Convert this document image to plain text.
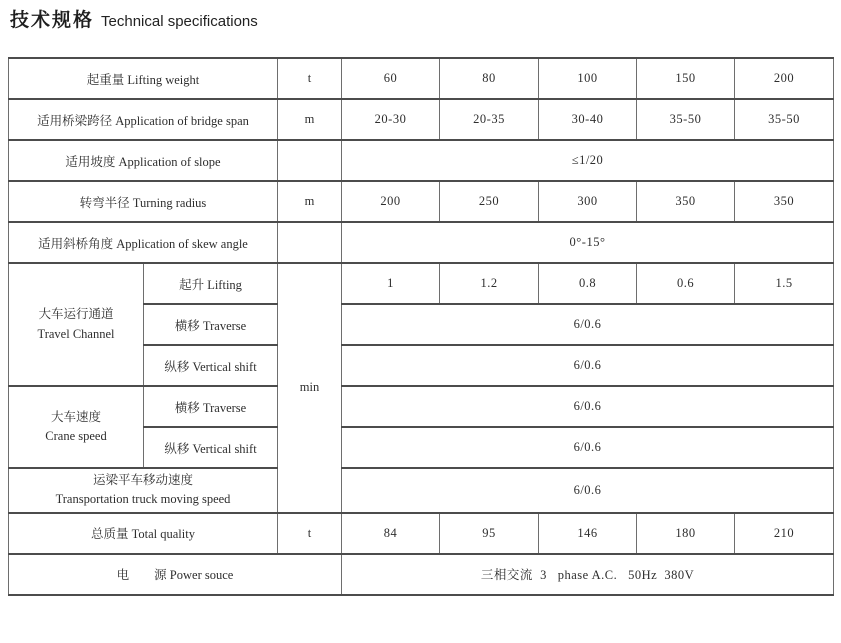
技术规格 Technical specifications
起重量 Lifting weight		t	60	80	100	150	200
适用桥梁跨径 Application of bridge span		m	20-30	20-35	30-40	35-50	35-50
适用坡度 Application of slope			≤1/20				
转弯半径 Turning radius		m	200	250	300	350	350
适用斜桥角度 Application of skew angle			0°-15°				

大车运行通道
Travel Channel	起升 Lifting	min	1	1.2	0.8	0.6	1.5
	横移 Traverse		6/0.6				
	纵移 Vertical shift		6/0.6				

大车速度
Crane speed	横移 Traverse		6/0.6				
	纵移 Vertical shift		6/0.6				

运梁平车移动速度
Transportation truck moving speed			6/0.6				
总质量 Total quality		t	84	95	146	180	210
电　　源 Power souce			三相交流  3   phase A.C.   50Hz  380V				
